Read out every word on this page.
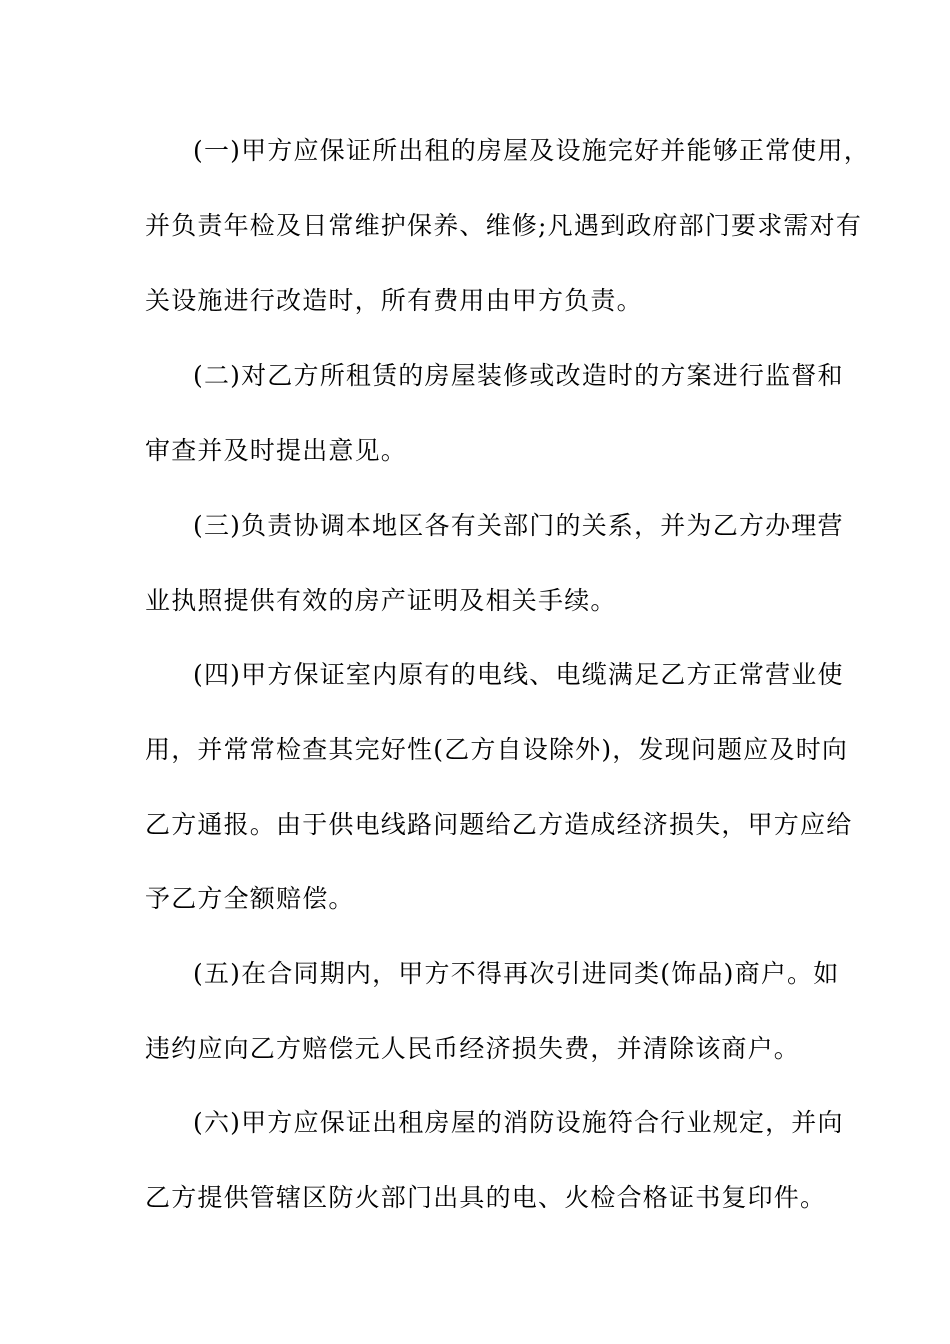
(一)甲方应保证所出租的房屋及设施完好并能够正常使用，
并负责年检及日常维护保养、维修;凡遇到政府部门要求需对有
关设施进行改造时，所有费用由甲方负责。
(二)对乙方所租赁的房屋装修或改造时的方案进行监督和
审查并及时提出意见。
(三)负责协调本地区各有关部门的关系，并为乙方办理营
业执照提供有效的房产证明及相关手续。
(四)甲方保证室内原有的电线、电缆满足乙方正常营业使
用，并常常检查其完好性(乙方自设除外)，发现问题应及时向
乙方通报。由于供电线路问题给乙方造成经济损失，甲方应给
予乙方全额赔偿。
(五)在合同期内，甲方不得再次引进同类(饰品)商户。如
违约应向乙方赔偿元人民币经济损失费，并清除该商户。
(六)甲方应保证出租房屋的消防设施符合行业规定，并向
乙方提供管辖区防火部门出具的电、火检合格证书复印件。
